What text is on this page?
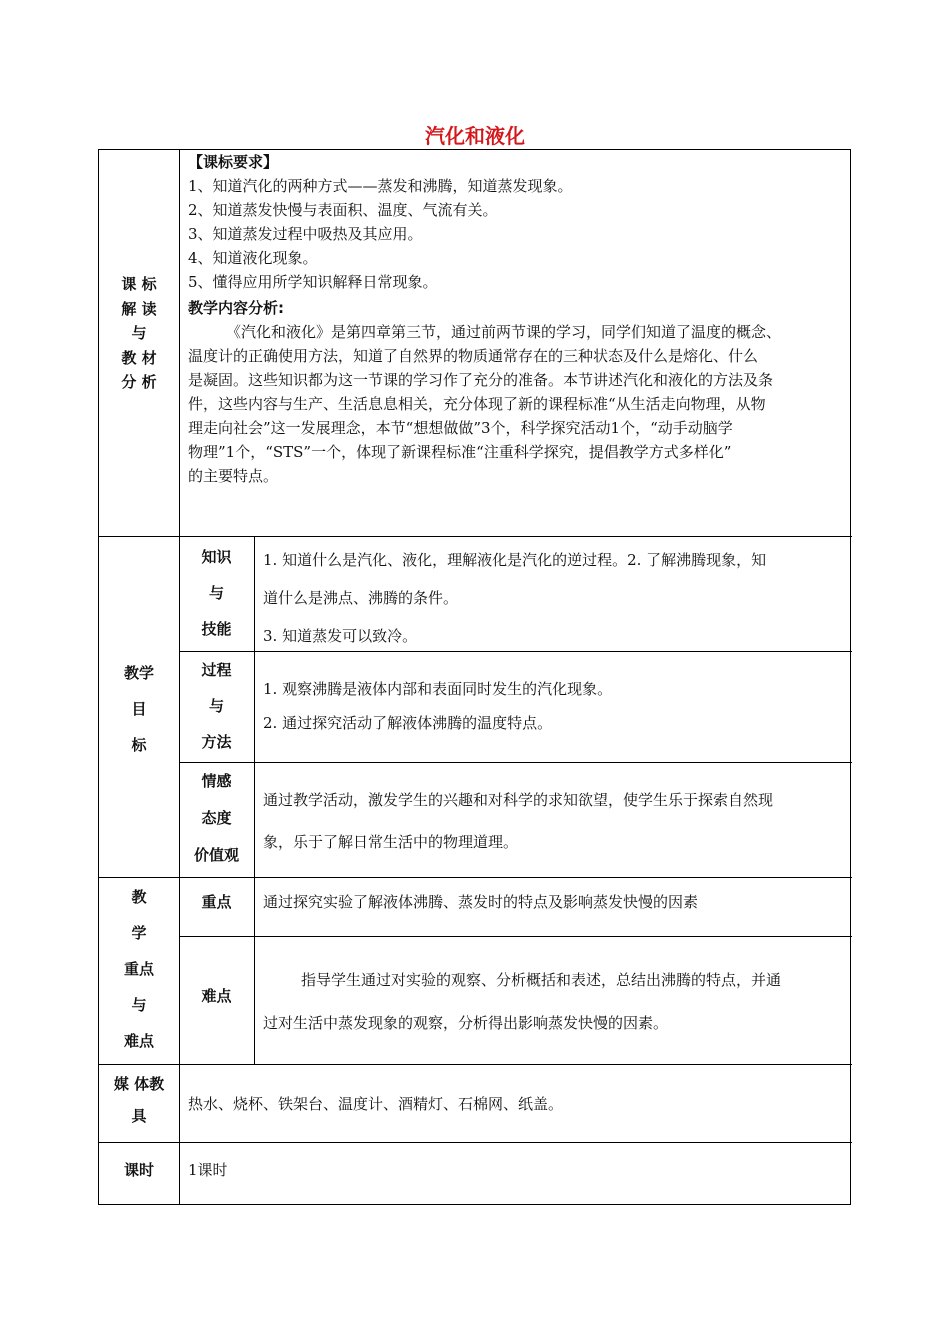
汽化和液化
课 标
解 读
与
教 材
分 析
【课标要求】
1、知道汽化的两种方式——蒸发和沸腾，知道蒸发现象。
2、知道蒸发快慢与表面积、温度、气流有关。
3、知道蒸发过程中吸热及其应用。
4、知道液化现象。
5、懂得应用所学知识解释日常现象。
教学内容分析:
《汽化和液化》是第四章第三节，通过前两节课的学习，同学们知道了温度的概念、
温度计的正确使用方法，知道了自然界的物质通常存在的三种状态及什么是熔化、什么
是凝固。这些知识都为这一节课的学习作了充分的准备。本节讲述汽化和液化的方法及条
件，这些内容与生产、生活息息相关，充分体现了新的课程标准“从生活走向物理，从物
理走向社会”这一发展理念，本节“想想做做”3个，科学探究活动1个，“动手动脑学
物理”1个，“STS”一个，体现了新课程标准“注重科学探究，提倡教学方式多样化”
的主要特点。
教学
目
标
知识
与
技能
1. 知道什么是汽化、液化，理解液化是汽化的逆过程。2. 了解沸腾现象，知
道什么是沸点、沸腾的条件。
3. 知道蒸发可以致冷。
过程
与
方法
1. 观察沸腾是液体内部和表面同时发生的汽化现象。
2. 通过探究活动了解液体沸腾的温度特点。
情感
态度
价值观
通过教学活动，激发学生的兴趣和对科学的求知欲望，使学生乐于探索自然现
象，乐于了解日常生活中的物理道理。
教
学
重点
与
难点
重点	通过探究实验了解液体沸腾、蒸发时的特点及影响蒸发快慢的因素
难点
指导学生通过对实验的观察、分析概括和表述，总结出沸腾的特点，并通
过对生活中蒸发现象的观察，分析得出影响蒸发快慢的因素。
媒 体教
具
热水、烧杯、铁架台、温度计、酒精灯、石棉网、纸盖。
课时	1课时
